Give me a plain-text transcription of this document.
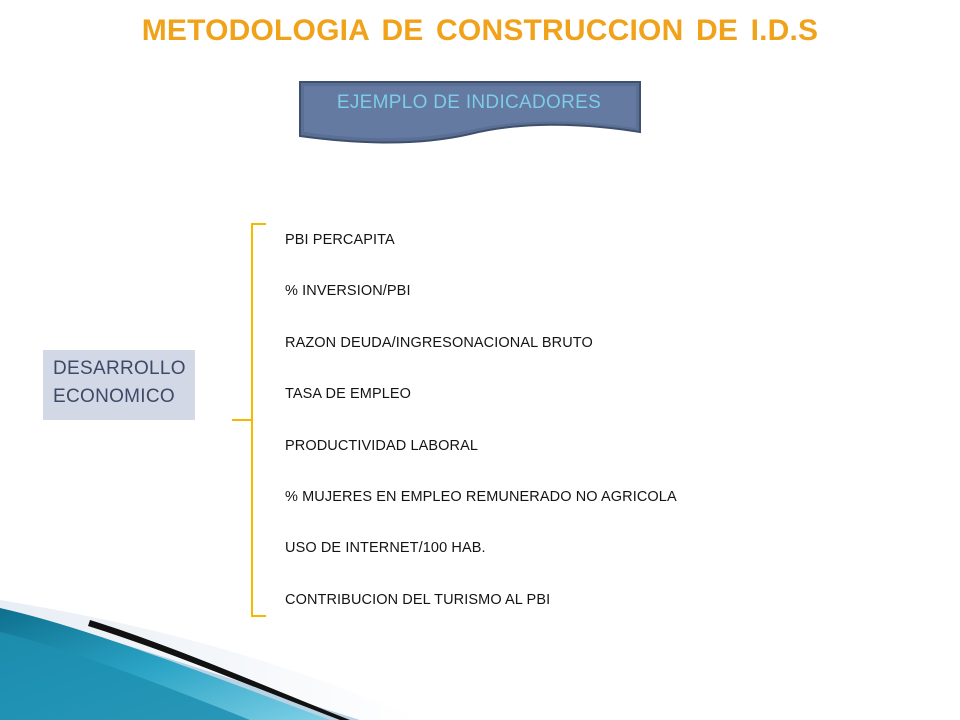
METODOLOGIA DE CONSTRUCCION DE I.D.S
EJEMPLO DE INDICADORES
DESARROLLO
ECONOMICO
PBI PERCAPITA
% INVERSION/PBI
RAZON DEUDA/INGRESONACIONAL BRUTO
TASA DE EMPLEO
PRODUCTIVIDAD LABORAL
% MUJERES EN EMPLEO REMUNERADO NO AGRICOLA
USO DE INTERNET/100 HAB.
CONTRIBUCION DEL TURISMO AL PBI
